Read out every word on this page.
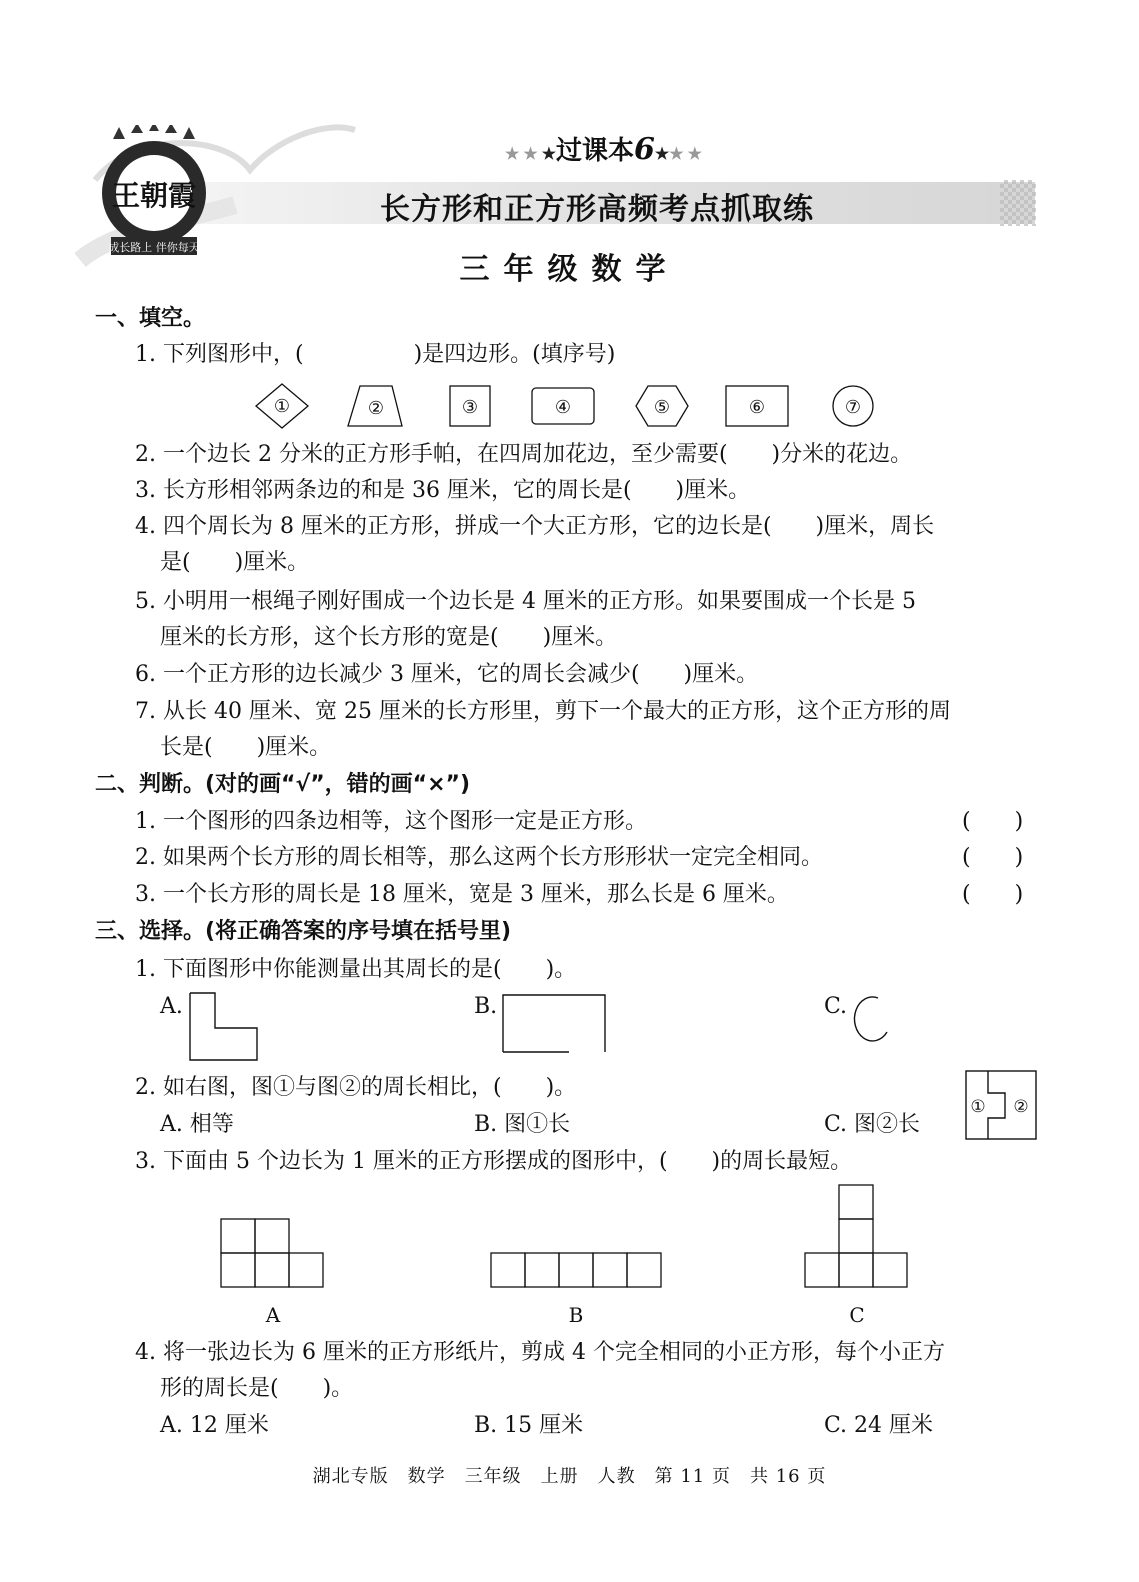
王朝霞
成长路上 伴你每天
★★★过课本6★★★
长方形和正方形高频考点抓取练
三年级数学
一、填空。
1. 下列图形中，(　　　　　)是四边形。(填序号)
①	②	③	④	⑤	⑥	⑦
2. 一个边长 2 分米的正方形手帕，在四周加花边，至少需要(　　)分米的花边。
3. 长方形相邻两条边的和是 36 厘米，它的周长是(　　)厘米。
4. 四个周长为 8 厘米的正方形，拼成一个大正方形，它的边长是(　　)厘米，周长
是(　　)厘米。
5. 小明用一根绳子刚好围成一个边长是 4 厘米的正方形。如果要围成一个长是 5
厘米的长方形，这个长方形的宽是(　　)厘米。
6. 一个正方形的边长减少 3 厘米，它的周长会减少(　　)厘米。
7. 从长 40 厘米、宽 25 厘米的长方形里，剪下一个最大的正方形，这个正方形的周
长是(　　)厘米。
二、判断。(对的画“√”，错的画“×”)
1. 一个图形的四条边相等，这个图形一定是正方形。	(　　)
2. 如果两个长方形的周长相等，那么这两个长方形形状一定完全相同。	(　　)
3. 一个长方形的周长是 18 厘米，宽是 3 厘米，那么长是 6 厘米。	(　　)
三、选择。(将正确答案的序号填在括号里)
1. 下面图形中你能测量出其周长的是(　　)。
A.	B.	C.
2. 如右图，图①与图②的周长相比，(　　)。
A. 相等	B. 图①长	C. 图②长
① ②
3. 下面由 5 个边长为 1 厘米的正方形摆成的图形中，(　　)的周长最短。
A	B	C
4. 将一张边长为 6 厘米的正方形纸片，剪成 4 个完全相同的小正方形，每个小正方
形的周长是(　　)。
A. 12 厘米	B. 15 厘米	C. 24 厘米
湖北专版　数学　三年级　上册　人教　第 11 页　共 16 页
